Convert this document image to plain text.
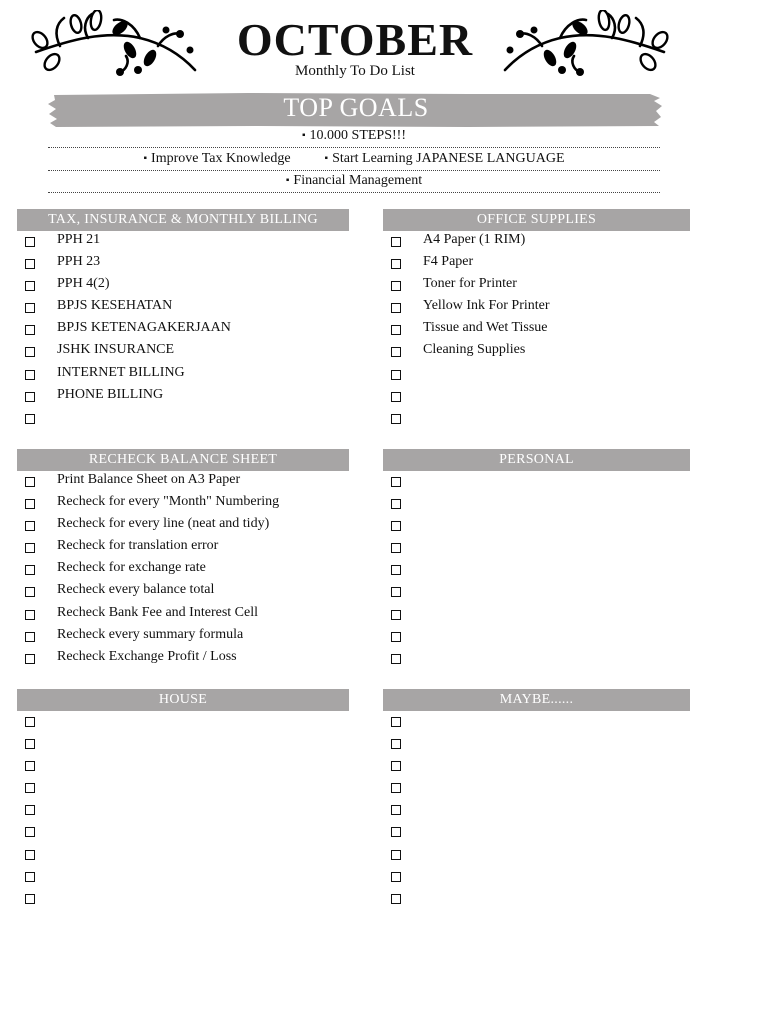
OCTOBER
Monthly To Do List
TOP GOALS
▪ 10.000 STEPS!!!
▪ Improve Tax Knowledge	▪ Start Learning JAPANESE LANGUAGE
▪ Financial Management
TAX, INSURANCE & MONTHLY BILLING
PPH 21
PPH 23
PPH 4(2)
BPJS KESEHATAN
BPJS KETENAGAKERJAAN
JSHK INSURANCE
INTERNET BILLING
PHONE BILLING
OFFICE SUPPLIES
A4 Paper (1 RIM)
F4 Paper
Toner for Printer
Yellow Ink For Printer
Tissue and Wet Tissue
Cleaning Supplies
RECHECK BALANCE SHEET
Print Balance Sheet on A3 Paper
Recheck for every "Month" Numbering
Recheck for every line (neat and tidy)
Recheck for translation error
Recheck for exchange rate
Recheck every balance total
Recheck Bank Fee and Interest Cell
Recheck every summary formula
Recheck Exchange Profit / Loss
PERSONAL
HOUSE	MAYBE......
